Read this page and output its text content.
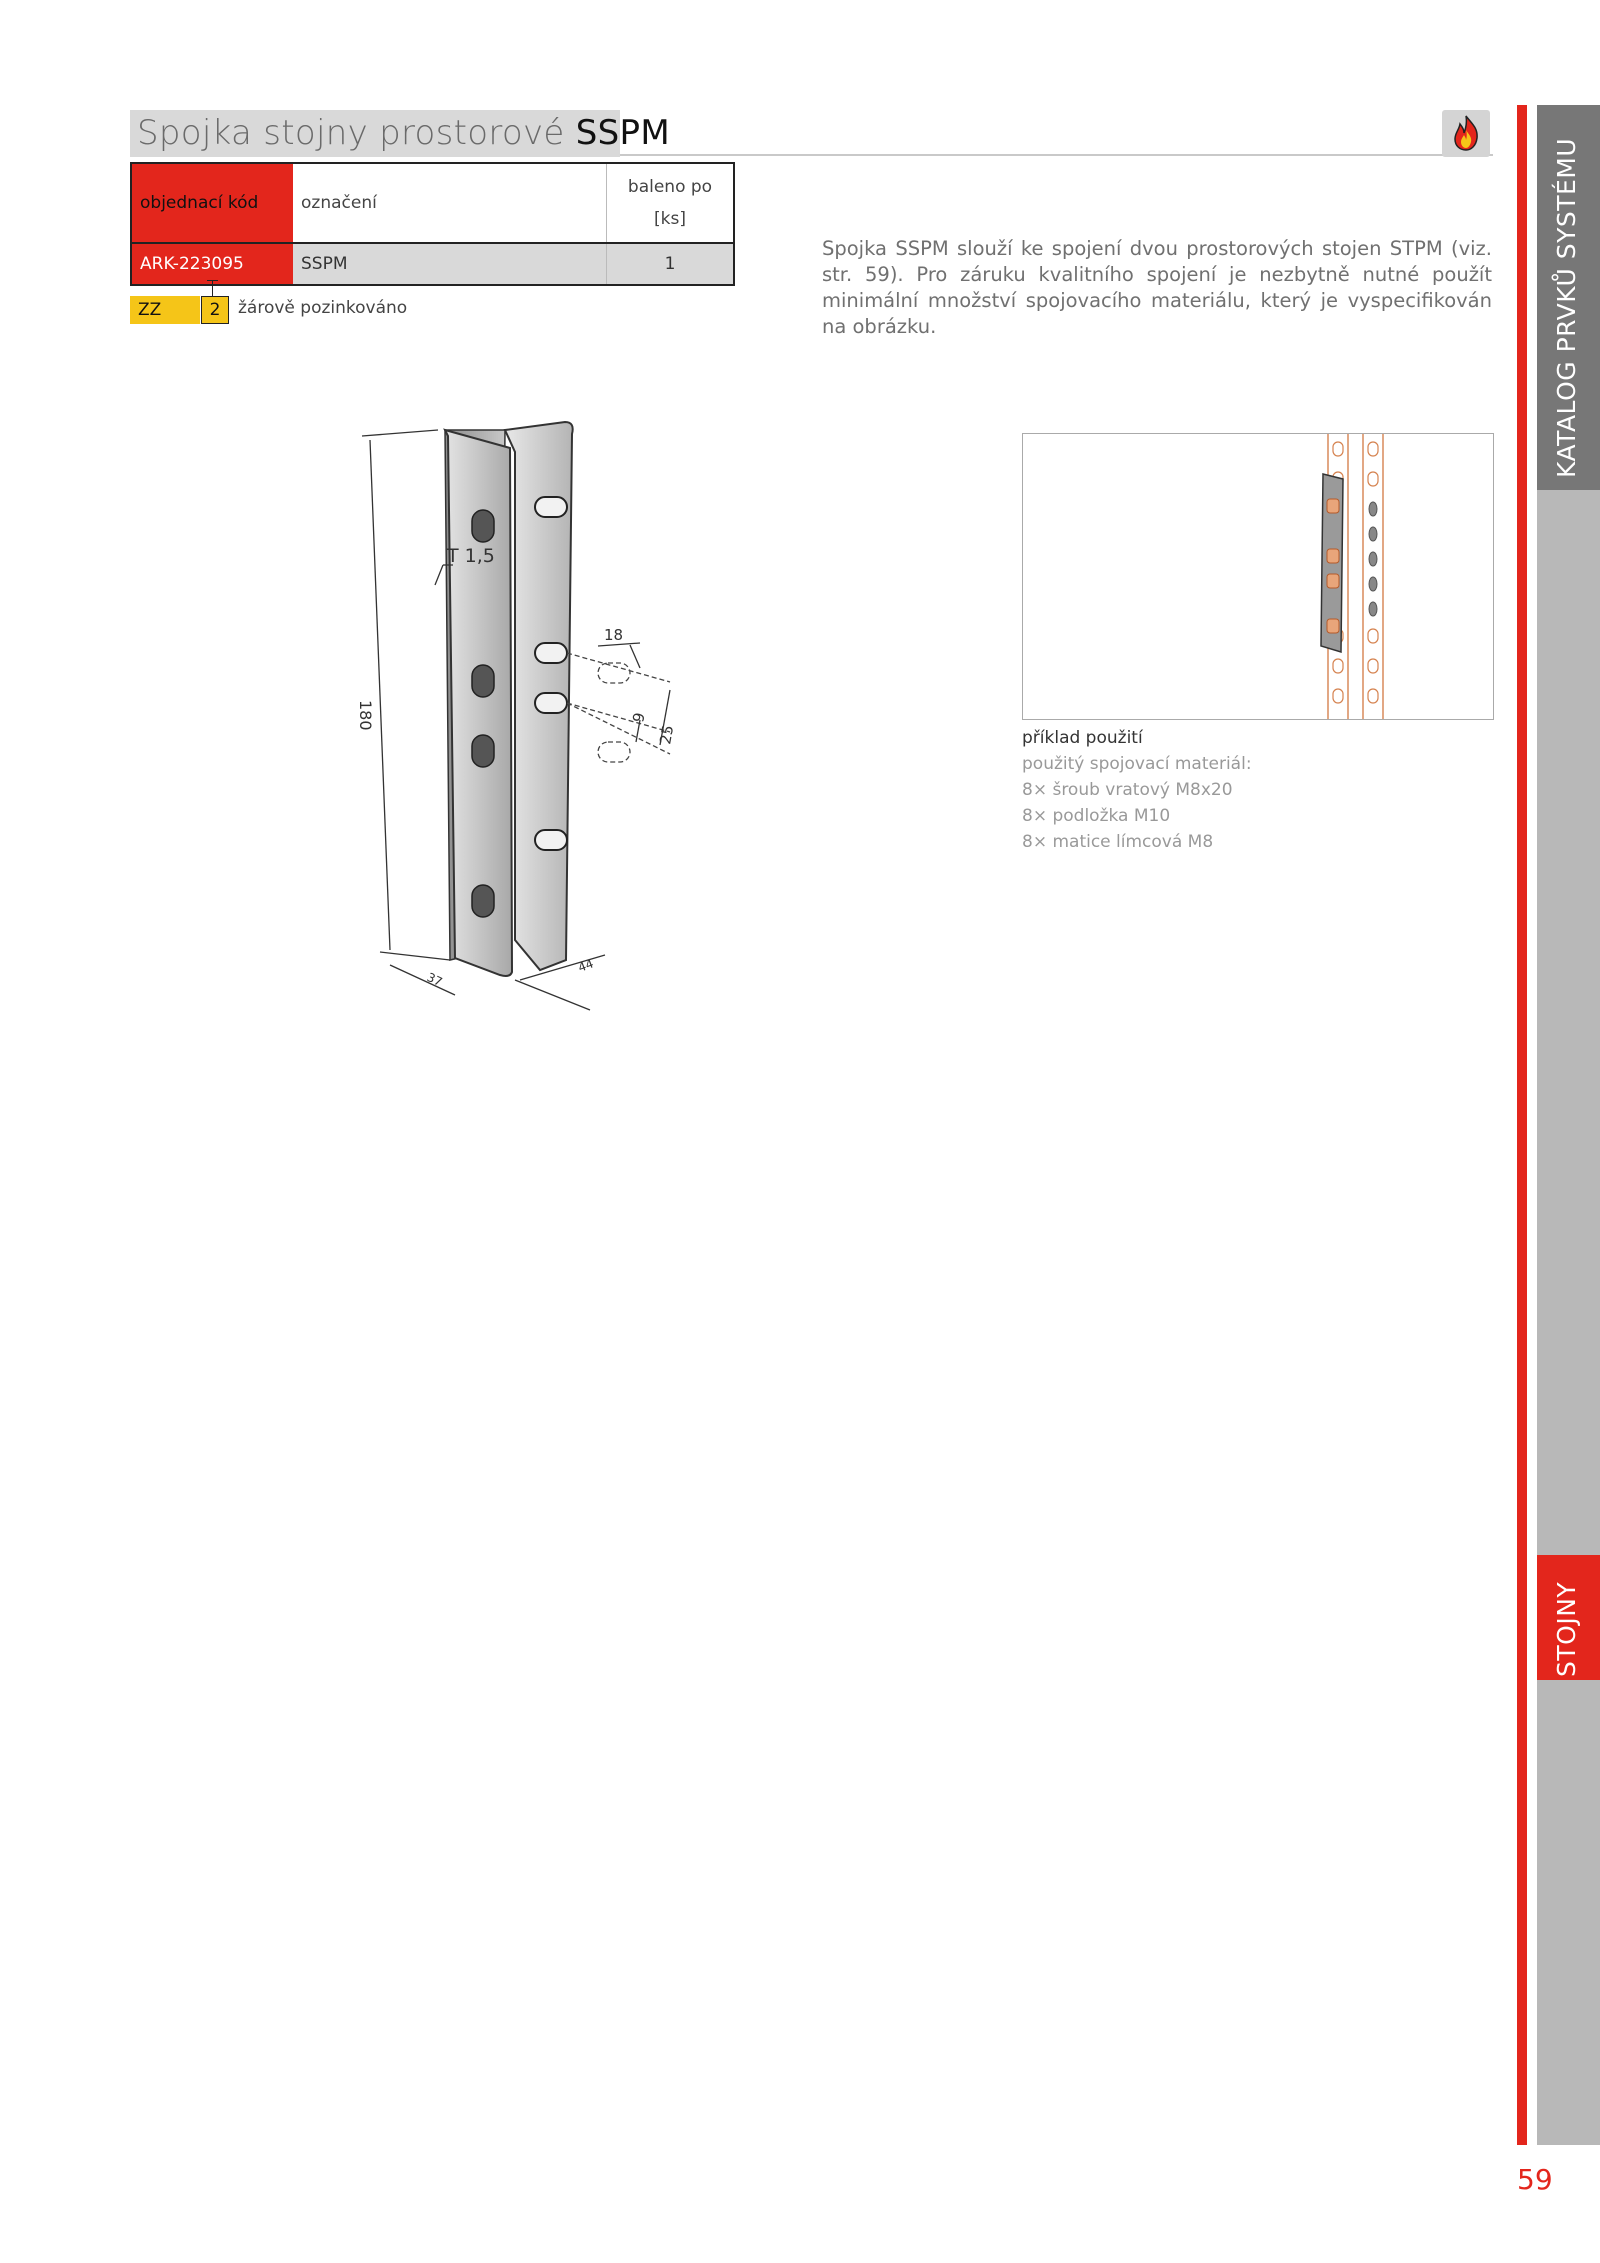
Spojka stojny prostorové SSPM
objednací kód	označení	baleno po
[ks]
ARK-223095	SSPM	1
ZZ	2	žárově pozinkováno
Spojka SSPM slouží ke spojení dvou prostorových stojen STPM (viz. str. 59). Pro záruku kvalitního spojení je nezbytně nutné použít minimální množství spojovacího materiálu, který je vyspecifikován na obrázku.
T 1,5
180
18
9
25
37
44
příklad použití
použitý spojovací materiál:
8× šroub vratový M8x20
8× podložka M10
8× matice límcová M8
KATALOG PRVKŮ SYSTÉMU
STOJNY
59
